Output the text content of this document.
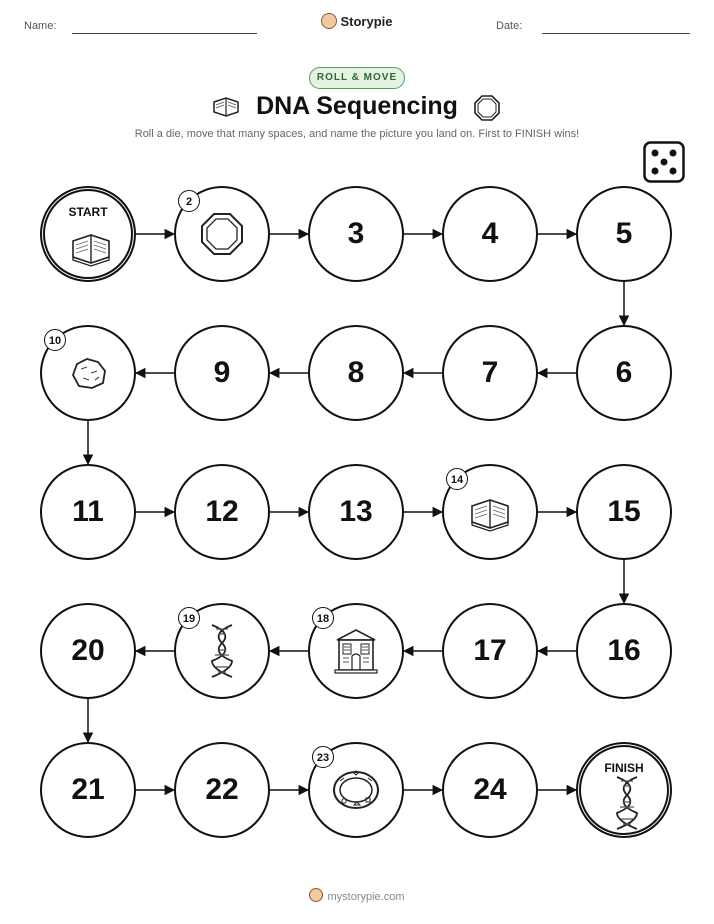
Name:	Storypie	Date:
ROLL & MOVE
DNA Sequencing
Roll a die, move that many spaces, and name the picture you land on. First to FINISH wins!
START
2
3	4	5
6
7
8
9
10
11	12	13
14
15
16
17
18
19
20
21	22
23
24
FINISH
mystorypie.com
